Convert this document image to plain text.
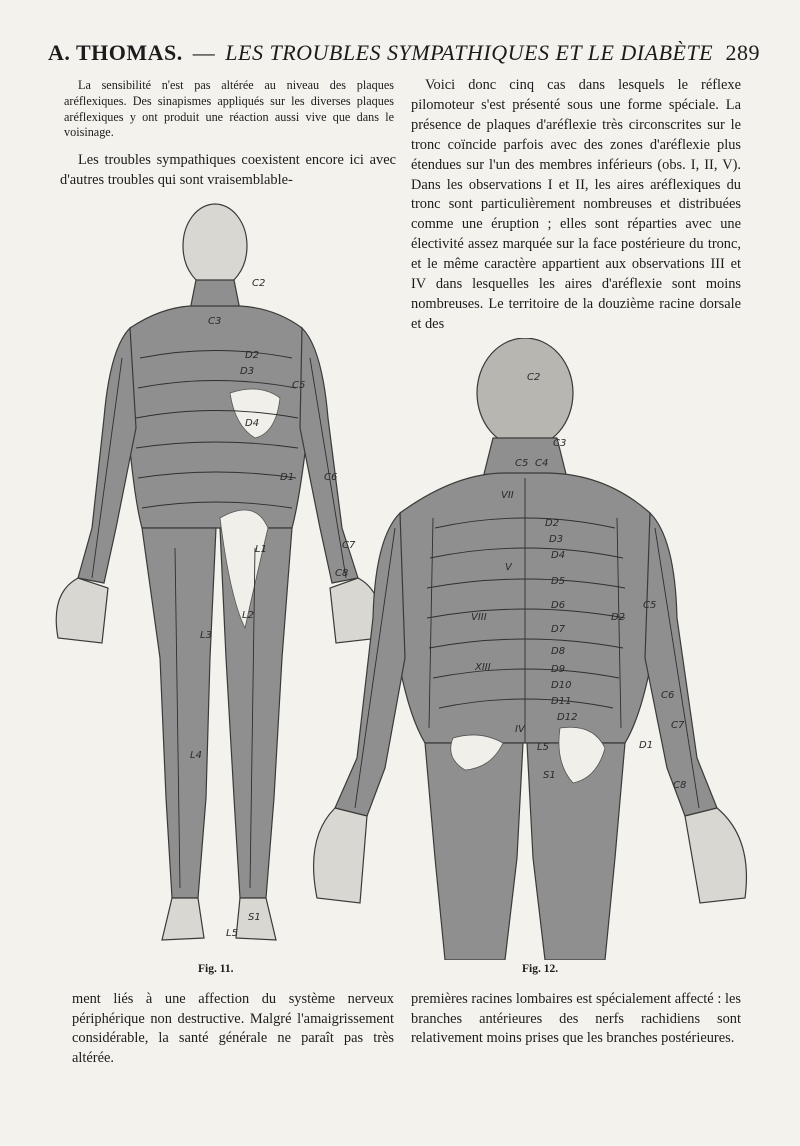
A. THOMAS. — LES TROUBLES SYMPATHIQUES ET LE DIABÈTE 289

La sensibilité n'est pas altérée au niveau des plaques aréflexiques. Des sinapismes appliqués sur les diverses plaques aréflexiques y ont produit une réaction aussi vive que dans le voisinage.

Les troubles sympathiques coexistent encore ici avec d'autres troubles qui sont vraisemblable-

Voici donc cinq cas dans lesquels le réflexe pilomoteur s'est présenté sous une forme spéciale. La présence de plaques d'aréflexie très circonscrites sur le tronc coïncide parfois avec des zones d'aréflexie plus étendues sur l'un des membres inférieurs (obs. I, II, V). Dans les observations I et II, les aires aréflexiques du tronc sont particulièrement nombreuses et distribuées comme une éruption ; elles sont réparties avec une électivité assez marquée sur la face postérieure du tronc, et le même caractère appartient aux observations III et IV dans lesquelles les aires d'aréflexie sont moins nombreuses. Le territoire de la douzième racine dorsale et des

C2
C3
C5
D2
D3
D4
C6
C7
C8
D1
L1
L2
L3
L4
L5
S1
C2
C3
C5 C4
VII
D2
D3
D4
V
D5
D6
D7
D8
D9
D10
D11
D12
VIII
XIII
IV
L5
S1
C5
C6
C7
C8
D1
D2
Fig. 11.	Fig. 12.

ment liés à une affection du système nerveux périphérique non destructive. Malgré l'amaigrissement considérable, la santé générale ne paraît pas très altérée.

premières racines lombaires est spécialement affecté : les branches antérieures des nerfs rachidiens sont relativement moins prises que les branches postérieures.
